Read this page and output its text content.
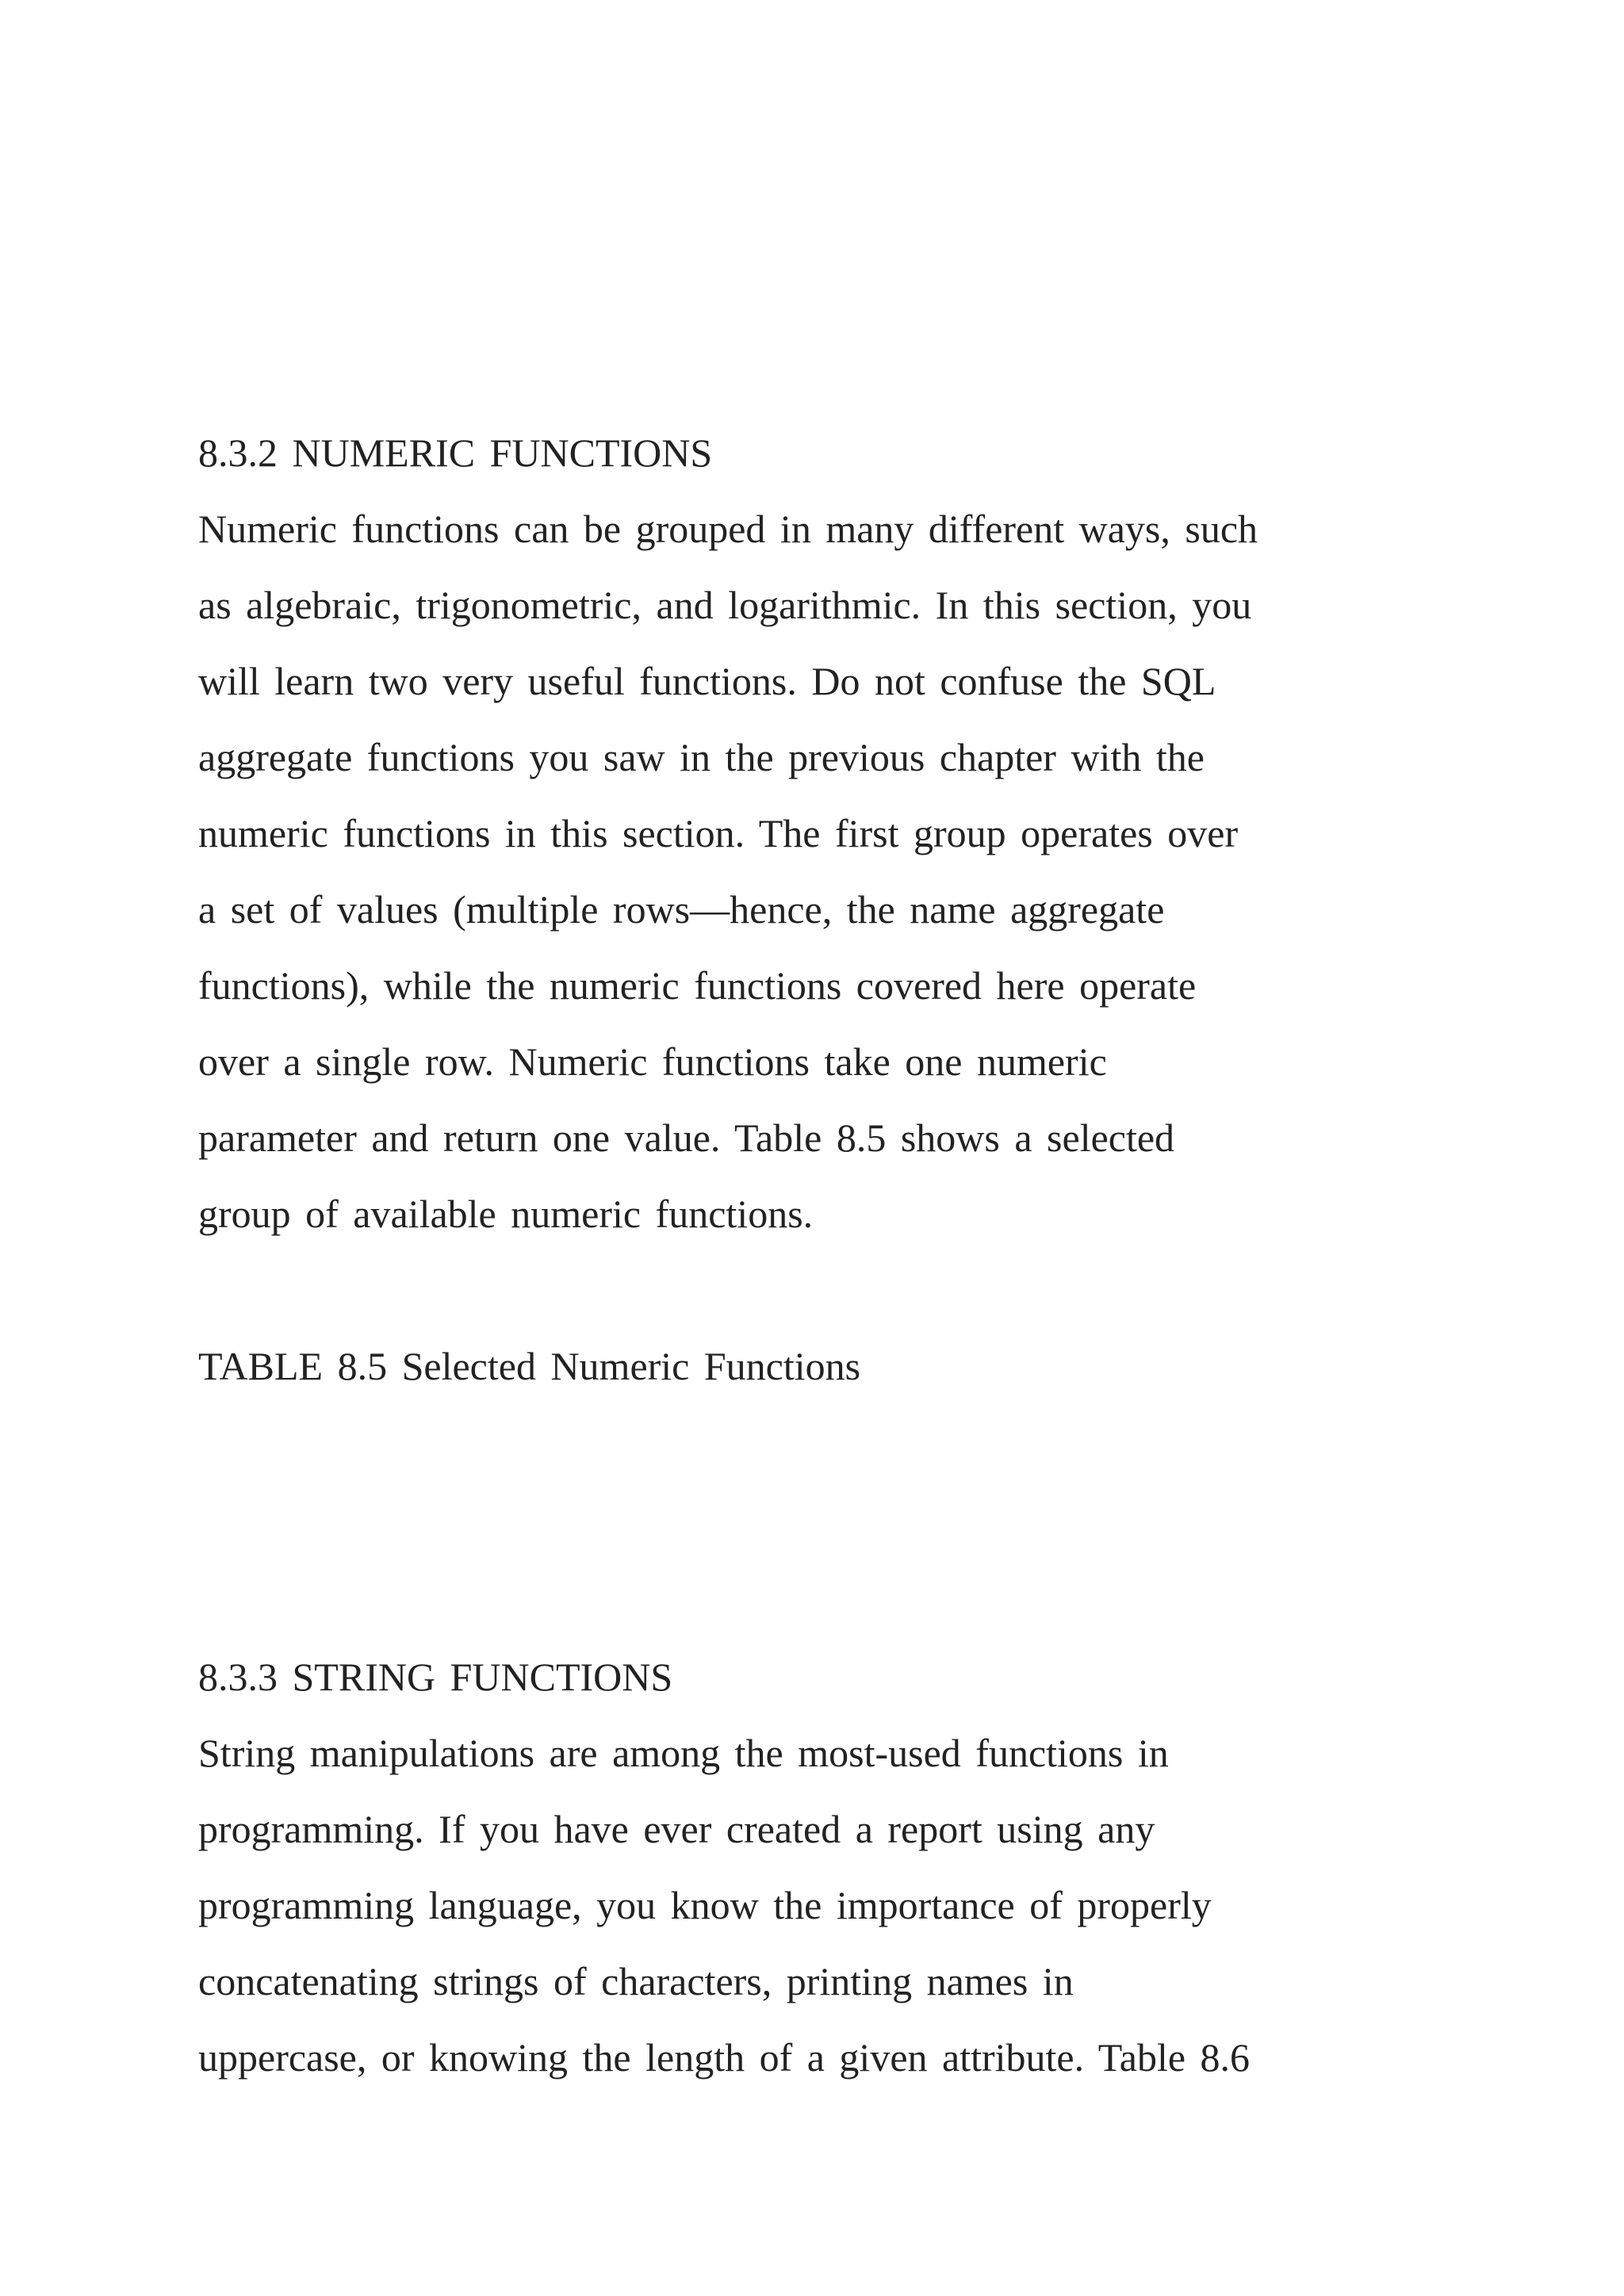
8.3.2 NUMERIC FUNCTIONS
Numeric functions can be grouped in many different ways, such
as algebraic, trigonometric, and logarithmic. In this section, you
will learn two very useful functions. Do not confuse the SQL
aggregate functions you saw in the previous chapter with the
numeric functions in this section. The first group operates over
a set of values (multiple rows—hence, the name aggregate
functions), while the numeric functions covered here operate
over a single row. Numeric functions take one numeric
parameter and return one value. Table 8.5 shows a selected
group of available numeric functions.
TABLE 8.5 Selected Numeric Functions
8.3.3 STRING FUNCTIONS
String manipulations are among the most-used functions in
programming. If you have ever created a report using any
programming language, you know the importance of properly
concatenating strings of characters, printing names in
uppercase, or knowing the length of a given attribute. Table 8.6
